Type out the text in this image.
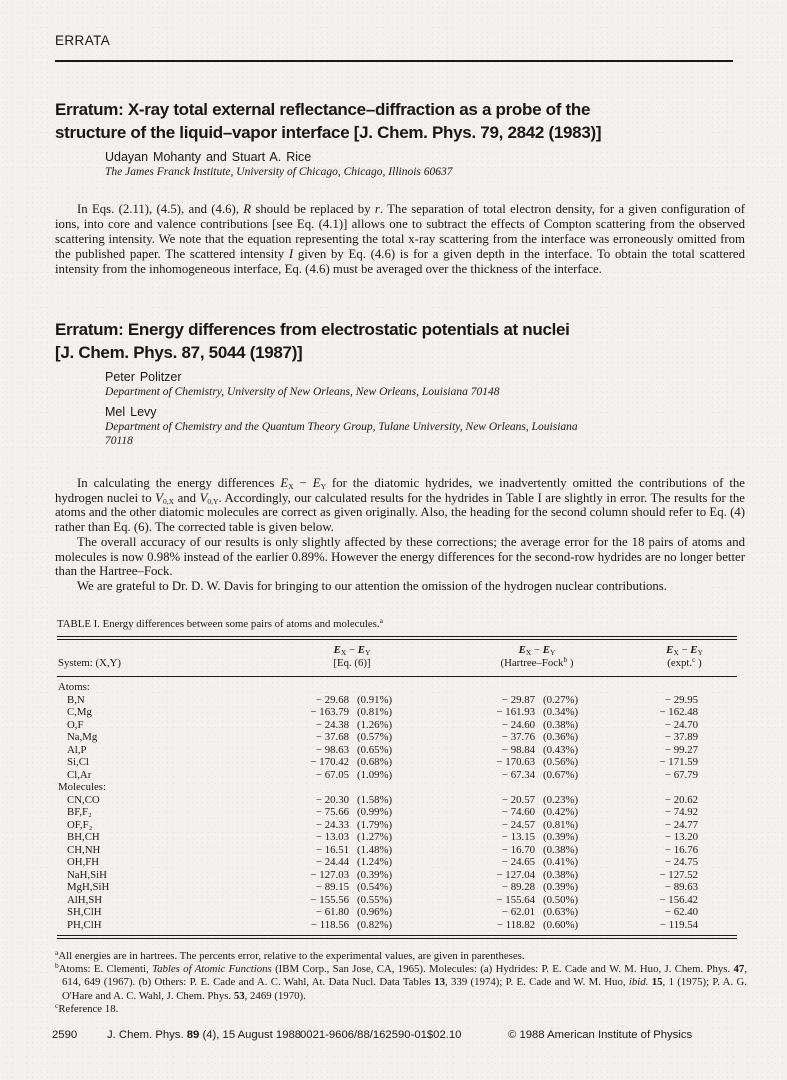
ERRATA
Erratum: X-ray total external reflectance–diffraction as a probe of the
structure of the liquid–vapor interface [J. Chem. Phys. 79, 2842 (1983)]
Udayan Mohanty and Stuart A. Rice
The James Franck Institute, University of Chicago, Chicago, Illinois 60637

In Eqs. (2.11), (4.5), and (4.6), R should be replaced by r. The separation of total electron density, for a given configuration of ions, into core and valence contributions [see Eq. (4.1)] allows one to subtract the effects of Compton scattering from the observed scattering intensity. We note that the equation representing the total x-ray scattering from the interface was erroneously omitted from the published paper. The scattered intensity I given by Eq. (4.6) is for a given depth in the interface. To obtain the total scattered intensity from the inhomogeneous interface, Eq. (4.6) must be averaged over the thickness of the interface.

Erratum: Energy differences from electrostatic potentials at nuclei
[J. Chem. Phys. 87, 5044 (1987)]
Peter Politzer
Department of Chemistry, University of New Orleans, New Orleans, Louisiana 70148
Mel Levy
Department of Chemistry and the Quantum Theory Group, Tulane University, New Orleans, Louisiana
70118

In calculating the energy differences $E_X - E_Y$ for the diatomic hydrides, we inadvertently omitted the contributions of the hydrogen nuclei to $V_{0,X}$ and $V_{0,Y}$. Accordingly, our calculated results for the hydrides in Table I are slightly in error. The results for the atoms and the other diatomic molecules are correct as given originally. Also, the heading for the second column should refer to Eq. (4) rather than Eq. (6). The corrected table is given below.

The overall accuracy of our results is only slightly affected by these corrections; the average error for the 18 pairs of atoms and molecules is now 0.98% instead of the earlier 0.89%. However the energy differences for the second-row hydrides are no longer better than the Hartree–Fock.

We are grateful to Dr. D. W. Davis for bringing to our attention the omission of the hydrogen nuclear contributions.

TABLE I. Energy differences between some pairs of atoms and molecules.$^a$

System: (X,Y)
$E_X - E_Y$
[Eq. (6)]
$E_X - E_Y$
(Hartree–Fock$^b$ )
$E_X - E_Y$
(expt.$^c$ )
Atoms:
B,N	− 29.68 (0.91%)	− 29.87 (0.27%)	− 29.95
C,Mg	− 163.79 (0.81%)	− 161.93 (0.34%)	− 162.48
O,F	− 24.38 (1.26%)	− 24.60 (0.38%)	− 24.70
Na,Mg	− 37.68 (0.57%)	− 37.76 (0.36%)	− 37.89
Al,P	− 98.63 (0.65%)	− 98.84 (0.43%)	− 99.27
Si,Cl	− 170.42 (0.68%)	− 170.63 (0.56%)	− 171.59
Cl,Ar	− 67.05 (1.09%)	− 67.34 (0.67%)	− 67.79
Molecules:
CN,CO	− 20.30 (1.58%)	− 20.57 (0.23%)	− 20.62
BF,F₂	− 75.66 (0.99%)	− 74.60 (0.42%)	− 74.92
OF,F₂	− 24.33 (1.79%)	− 24.57 (0.81%)	− 24.77
BH,CH	− 13.03 (1.27%)	− 13.15 (0.39%)	− 13.20
CH,NH	− 16.51 (1.48%)	− 16.70 (0.38%)	− 16.76
OH,FH	− 24.44 (1.24%)	− 24.65 (0.41%)	− 24.75
NaH,SiH	− 127.03 (0.39%)	− 127.04 (0.38%)	− 127.52
MgH,SiH	− 89.15 (0.54%)	− 89.28 (0.39%)	− 89.63
AlH,SH	− 155.56 (0.55%)	− 155.64 (0.50%)	− 156.42
SH,ClH	− 61.80 (0.96%)	− 62.01 (0.63%)	− 62.40
PH,ClH	− 118.56 (0.82%)	− 118.82 (0.60%)	− 119.54

$^a$All energies are in hartrees. The percents error, relative to the experimental values, are given in parentheses.

$^b$Atoms: E. Clementi, Tables of Atomic Functions (IBM Corp., San Jose, CA, 1965). Molecules: (a) Hydrides: P. E. Cade and W. M. Huo, J. Chem. Phys. 47, 614, 649 (1967). (b) Others: P. E. Cade and A. C. Wahl, At. Data Nucl. Data Tables 13, 339 (1974); P. E. Cade and W. M. Huo, ibid. 15, 1 (1975); P. A. G. O'Hare and A. C. Wahl, J. Chem. Phys. 53, 2469 (1970).

$^c$Reference 18.

2590	J. Chem. Phys. 89 (4), 15 August 1988
0021-9606/88/162590-01$02.10	© 1988 American Institute of Physics
